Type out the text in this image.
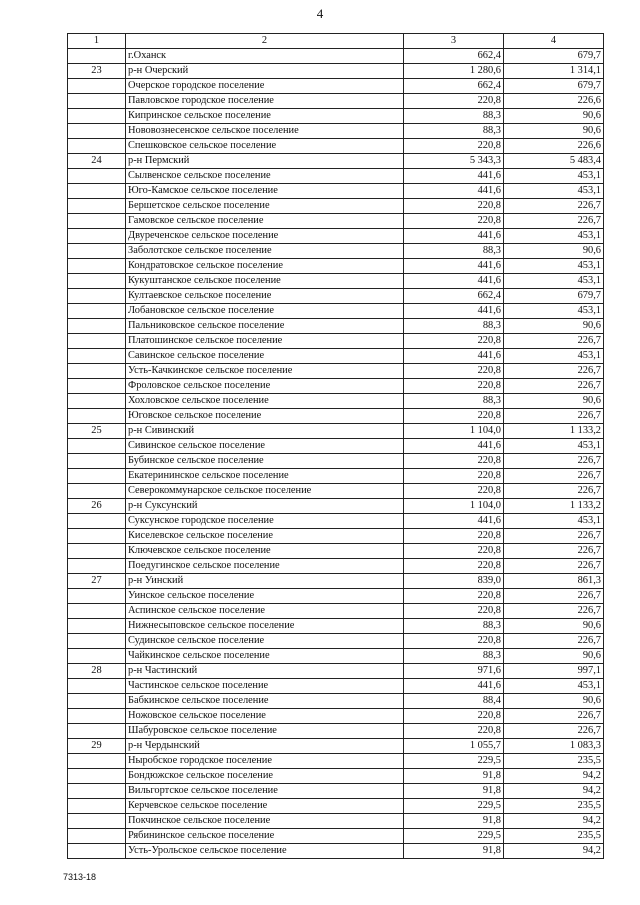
4
1	2	3	4
	г.Оханск	662,4	679,7
23	р-н Очерский	1 280,6	1 314,1
	Очерское городское поселение	662,4	679,7
	Павловское городское поселение	220,8	226,6
	Кипринское сельское поселение	88,3	90,6
	Нововознесенское сельское поселение	88,3	90,6
	Спешковское сельское поселение	220,8	226,6
24	р-н Пермский	5 343,3	5 483,4
	Сылвенское сельское поселение	441,6	453,1
	Юго-Камское сельское поселение	441,6	453,1
	Бершетское сельское поселение	220,8	226,7
	Гамовское сельское поселение	220,8	226,7
	Двуреченское сельское поселение	441,6	453,1
	Заболотское сельское поселение	88,3	90,6
	Кондратовское сельское поселение	441,6	453,1
	Кукуштанское сельское поселение	441,6	453,1
	Култаевское сельское поселение	662,4	679,7
	Лобановское сельское поселение	441,6	453,1
	Пальниковское сельское поселение	88,3	90,6
	Платошинское сельское поселение	220,8	226,7
	Савинское сельское поселение	441,6	453,1
	Усть-Качкинское сельское поселение	220,8	226,7
	Фроловское сельское поселение	220,8	226,7
	Хохловское сельское поселение	88,3	90,6
	Юговское сельское поселение	220,8	226,7
25	р-н Сивинский	1 104,0	1 133,2
	Сивинское сельское поселение	441,6	453,1
	Бубинское сельское поселение	220,8	226,7
	Екатерининское сельское поселение	220,8	226,7
	Северокоммунарское сельское поселение	220,8	226,7
26	р-н Суксунский	1 104,0	1 133,2
	Суксунское городское поселение	441,6	453,1
	Киселевское сельское поселение	220,8	226,7
	Ключевское сельское поселение	220,8	226,7
	Поедугинское сельское поселение	220,8	226,7
27	р-н Уинский	839,0	861,3
	Уинское сельское поселение	220,8	226,7
	Аспинское сельское поселение	220,8	226,7
	Нижнесыповское сельское поселение	88,3	90,6
	Судинское сельское поселение	220,8	226,7
	Чайкинское сельское поселение	88,3	90,6
28	р-н Частинский	971,6	997,1
	Частинское сельское поселение	441,6	453,1
	Бабкинское сельское поселение	88,4	90,6
	Ножовское сельское поселение	220,8	226,7
	Шабуровское сельское поселение	220,8	226,7
29	р-н Чердынский	1 055,7	1 083,3
	Ныробское городское поселение	229,5	235,5
	Бондюжское сельское поселение	91,8	94,2
	Вильгортское сельское поселение	91,8	94,2
	Керчевское сельское поселение	229,5	235,5
	Покчинское сельское поселение	91,8	94,2
	Рябининское сельское поселение	229,5	235,5
	Усть-Урольское сельское поселение	91,8	94,2
7313-18
